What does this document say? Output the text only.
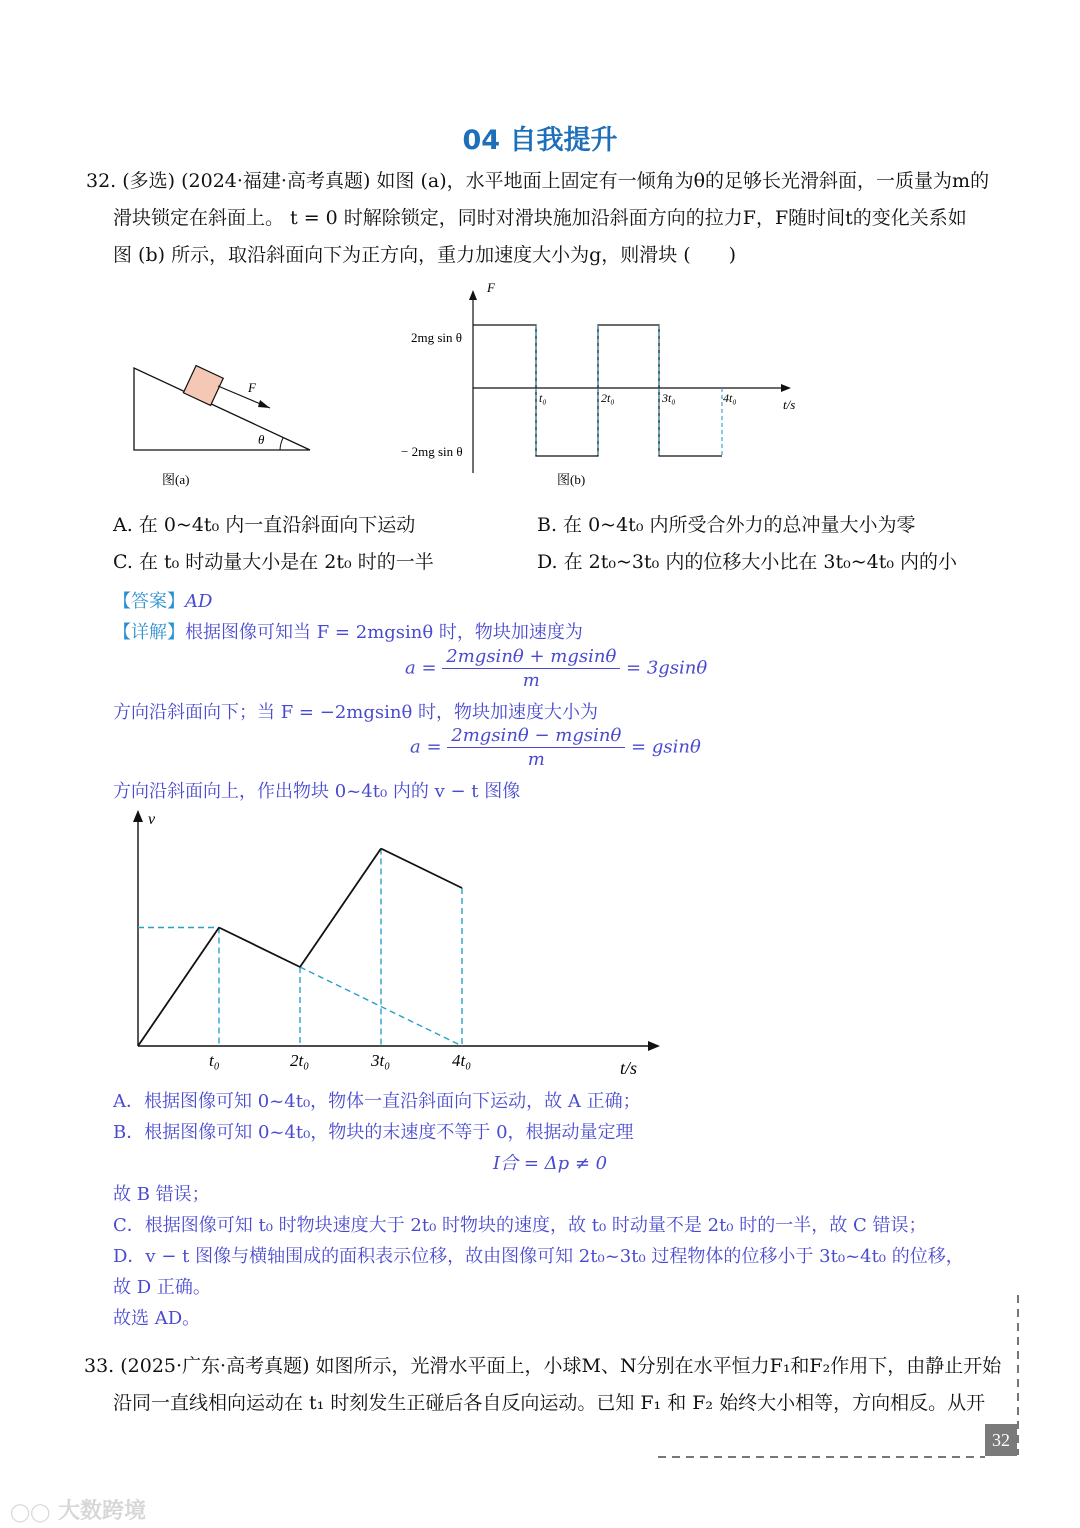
04 自我提升
32. (多选) (2024·福建·高考真题) 如图 (a)，水平地面上固定有一倾角为θ的足够长光滑斜面，一质量为m的
滑块锁定在斜面上。 t = 0 时解除锁定，同时对滑块施加沿斜面方向的拉力F，F随时间t的变化关系如
图 (b) 所示，取沿斜面向下为正方向，重力加速度大小为g，则滑块 (　　)
F
θ
图(a)
F
2mg sin θ
− 2mg sin θ
t₀	2t₀	3t₀	4t₀	t/s
图(b)
A. 在 0~4t₀ 内一直沿斜面向下运动	B. 在 0~4t₀ 内所受合外力的总冲量大小为零
C. 在 t₀ 时动量大小是在 2t₀ 时的一半	D. 在 2t₀~3t₀ 内的位移大小比在 3t₀~4t₀ 内的小
【答案】AD
【详解】根据图像可知当 F = 2mgsinθ 时，物块加速度为
$a = \frac{2mgsin\theta + mgsin\theta}{m} = 3gsin\theta$
方向沿斜面向下；当 F = −2mgsinθ 时，物块加速度大小为
$a = \frac{2mgsin\theta - mgsin\theta}{m} = gsin\theta$
方向沿斜面向上，作出物块 0~4t₀ 内的 v − t 图像
v
t/s
t₀	2t₀	3t₀	4t₀
A．根据图像可知 0~4t₀，物体一直沿斜面向下运动，故 A 正确；
B．根据图像可知 0~4t₀，物块的末速度不等于 0，根据动量定理
I合 = Δp ≠ 0
故 B 错误；
C．根据图像可知 t₀ 时物块速度大于 2t₀ 时物块的速度，故 t₀ 时动量不是 2t₀ 时的一半，故 C 错误；
D．v − t 图像与横轴围成的面积表示位移，故由图像可知 2t₀~3t₀ 过程物体的位移小于 3t₀~4t₀ 的位移，
故 D 正确。
故选 AD。
33. (2025·广东·高考真题) 如图所示，光滑水平面上，小球M、N分别在水平恒力F₁和F₂作用下，由静止开始
沿同一直线相向运动在 t₁ 时刻发生正碰后各自反向运动。已知 F₁ 和 F₂ 始终大小相等，方向相反。从开
32
◯◯ 大数跨境
